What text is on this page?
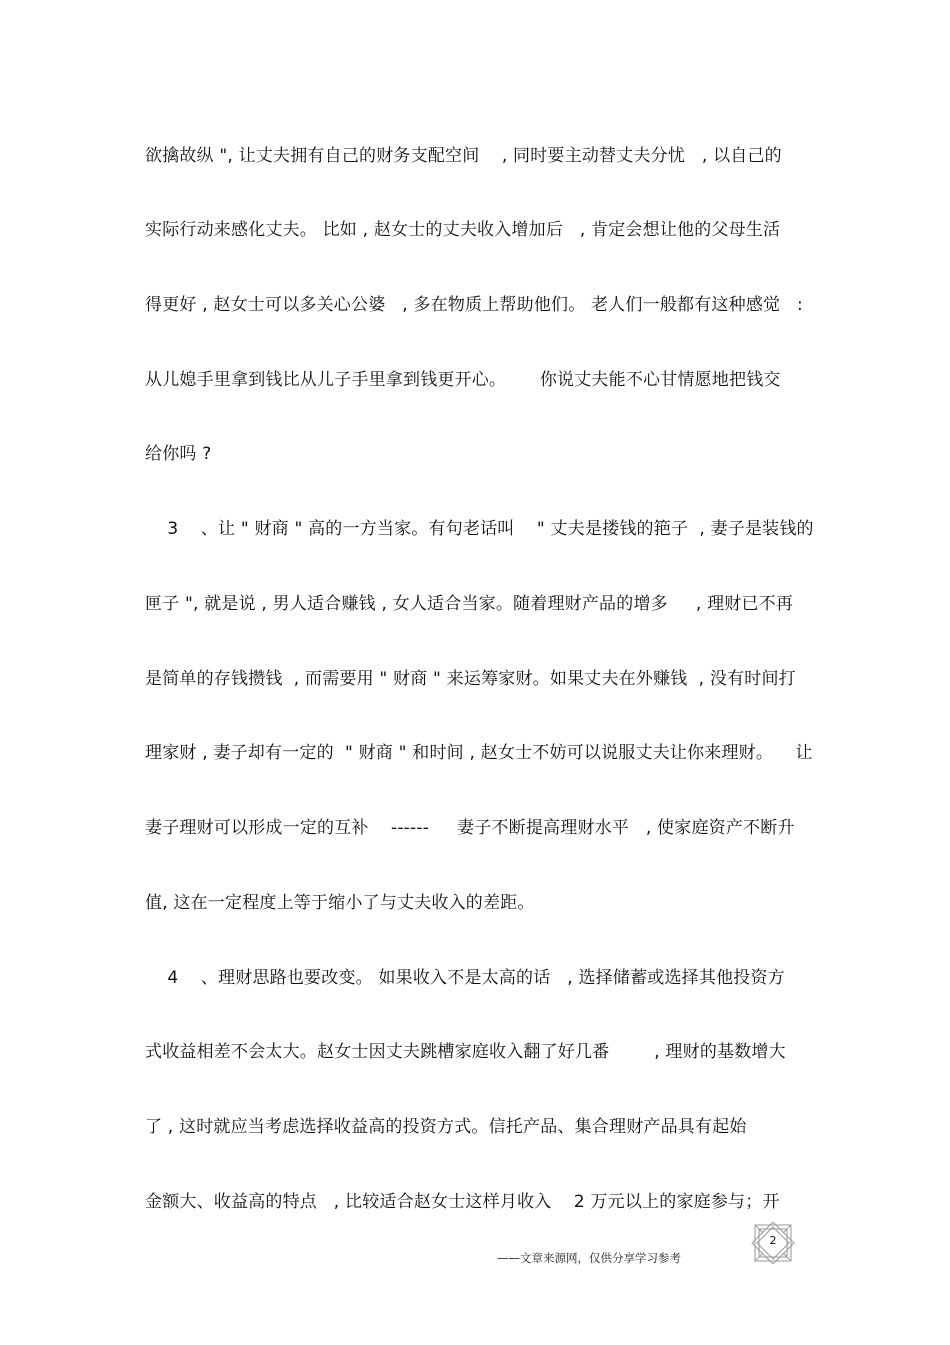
欲擒故纵 ", 让丈夫拥有自己的财务支配空间    , 同时要主动替丈夫分忧   , 以自己的
实际行动来感化丈夫。 比如 , 赵女士的丈夫收入增加后   , 肯定会想让他的父母生活
得更好 , 赵女士可以多关心公婆   , 多在物质上帮助他们。 老人们一般都有这种感觉   :
从儿媳手里拿到钱比从儿子手里拿到钱更开心。      你说丈夫能不心甘情愿地把钱交
给你吗 ?
3    、让 " 财商 " 高的一方当家。有句老话叫    " 丈夫是搂钱的筢子  , 妻子是装钱的
匣子 ", 就是说 , 男人适合赚钱 , 女人适合当家。随着理财产品的增多     , 理财已不再
是简单的存钱攒钱  , 而需要用 " 财商 " 来运筹家财。如果丈夫在外赚钱  , 没有时间打
理家财 , 妻子却有一定的  " 财商 " 和时间 , 赵女士不妨可以说服丈夫让你来理财。    让
妻子理财可以形成一定的互补    ------     妻子不断提高理财水平   , 使家庭资产不断升
值, 这在一定程度上等于缩小了与丈夫收入的差距。
4    、理财思路也要改变。 如果收入不是太高的话   , 选择储蓄或选择其他投资方
式收益相差不会太大。赵女士因丈夫跳槽家庭收入翻了好几番        , 理财的基数增大
了 , 这时就应当考虑选择收益高的投资方式。信托产品、集合理财产品具有起始
金额大、收益高的特点   , 比较适合赵女士这样月收入    2 万元以上的家庭参与；开
——文章来源网，仅供分享学习参考
2
